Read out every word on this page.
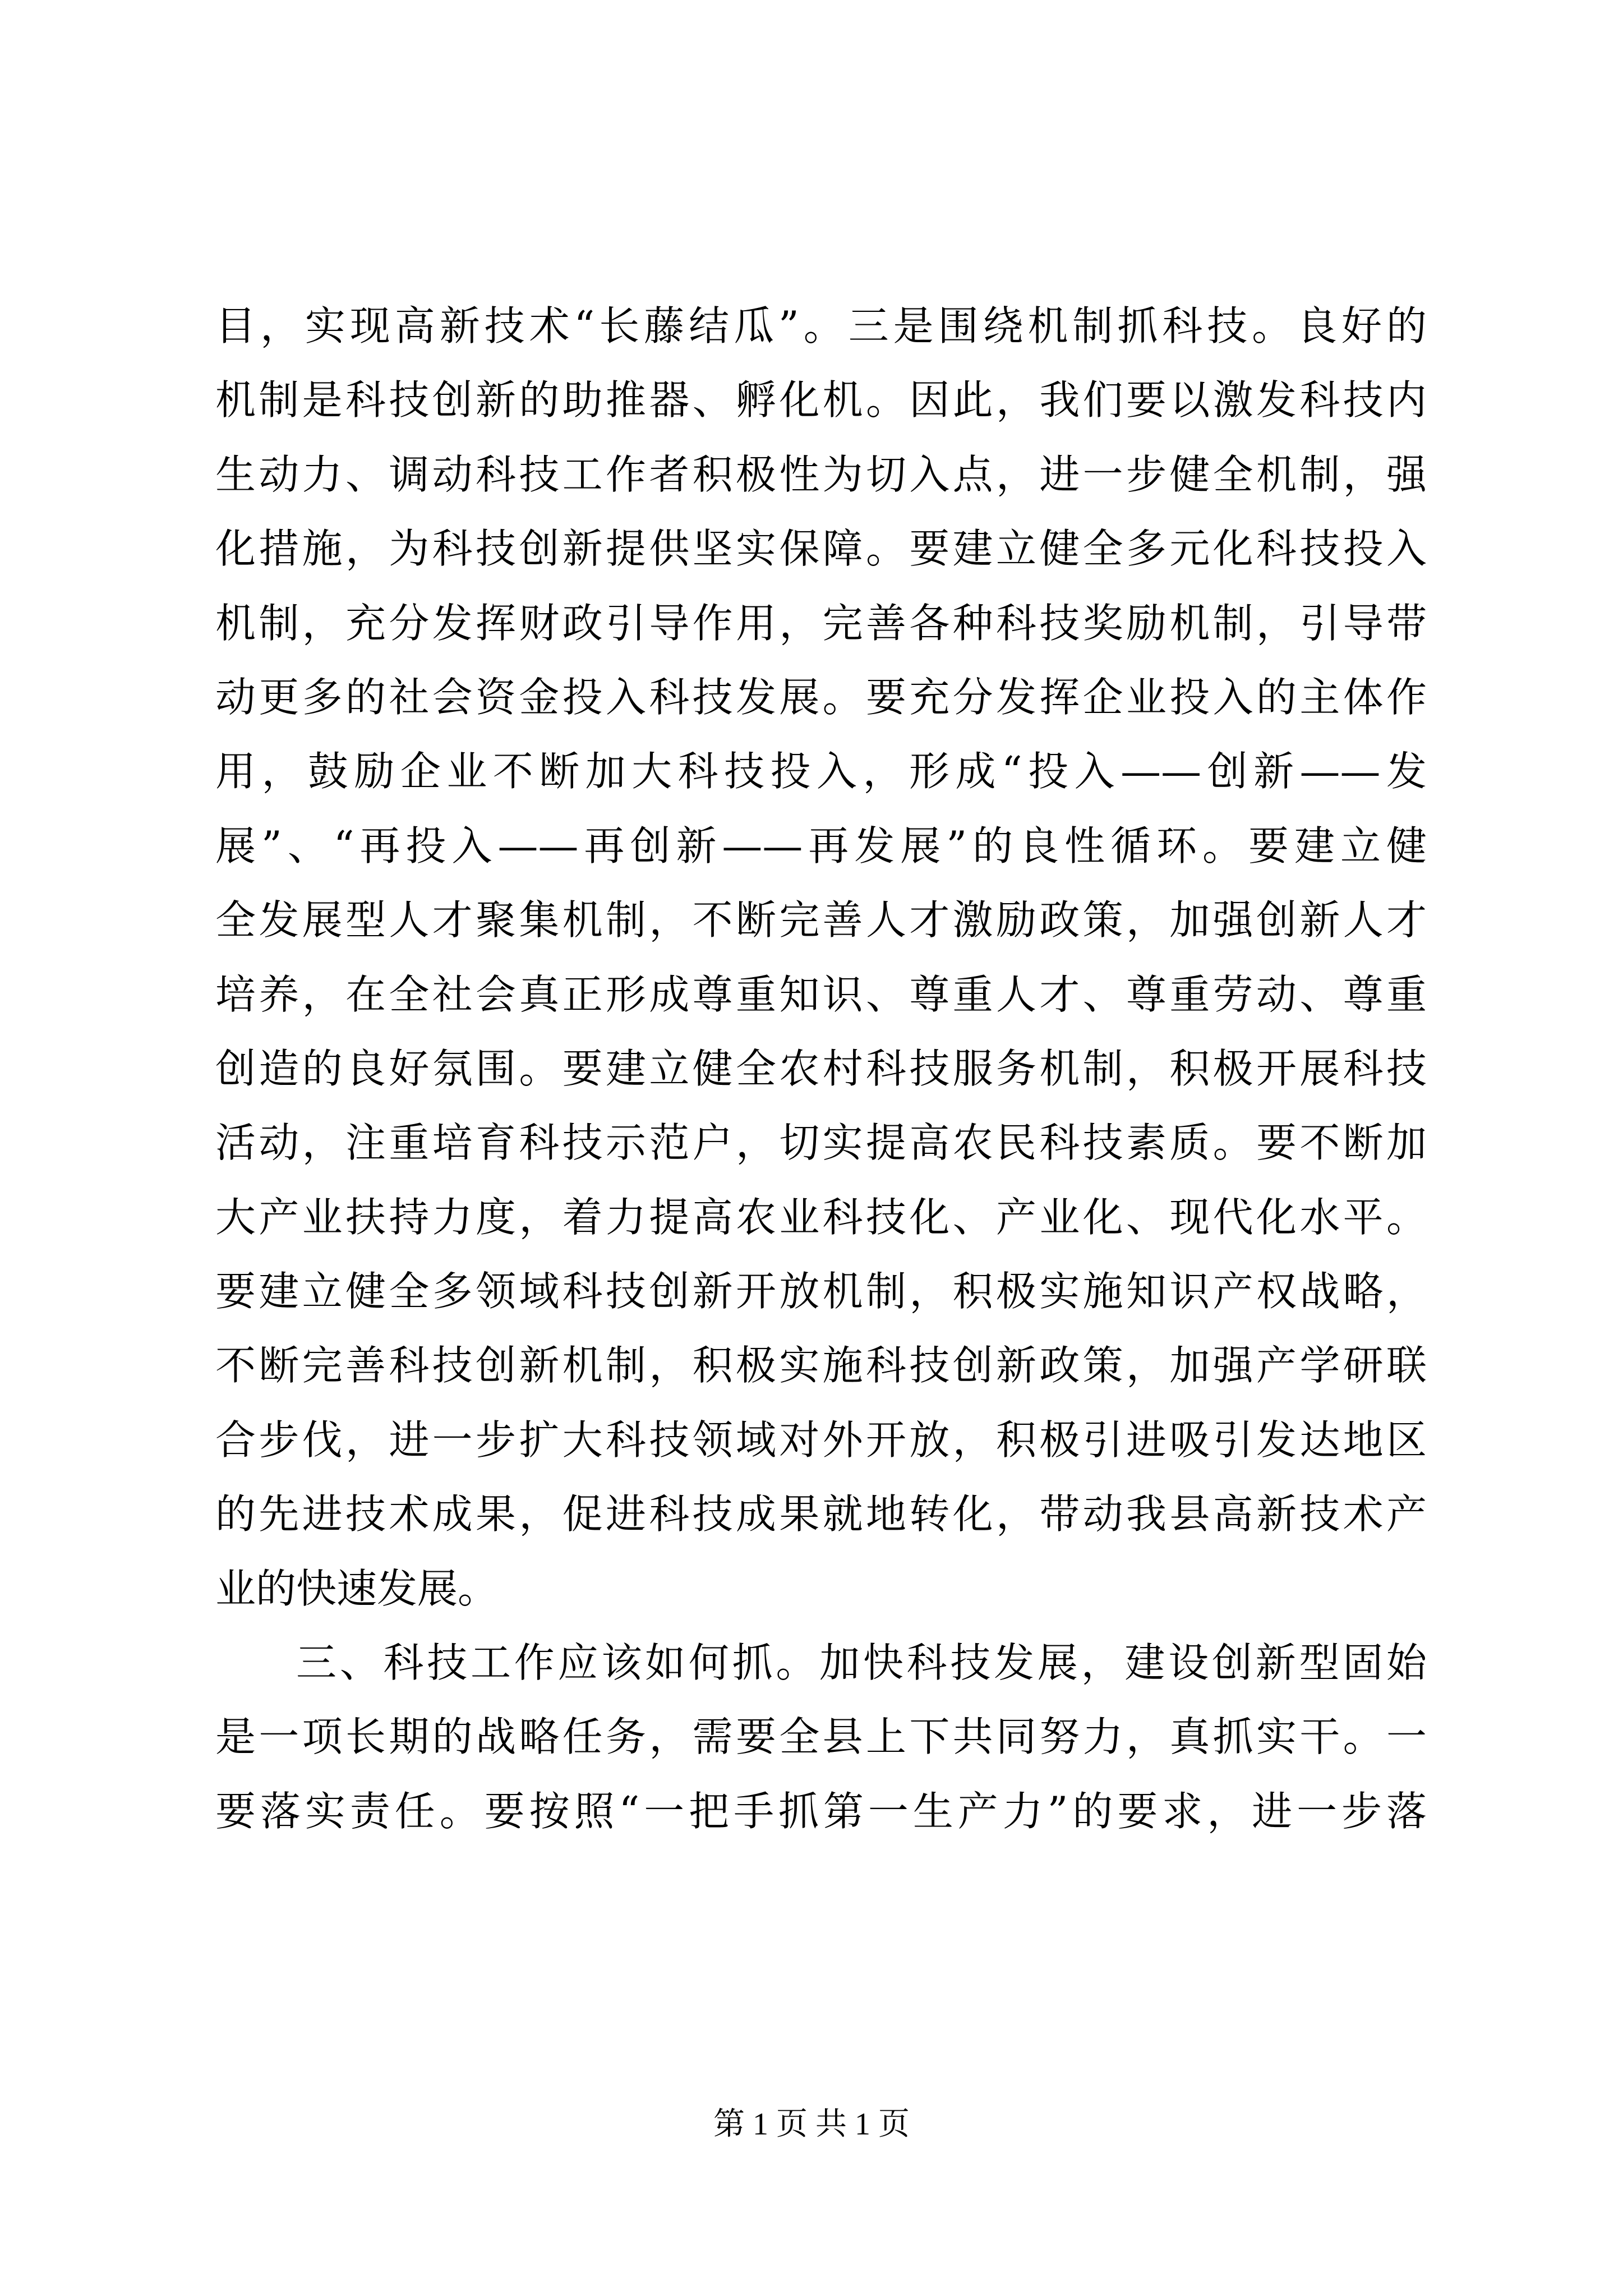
目，实现高新技术“长藤结瓜”。三是围绕机制抓科技。良好的
机制是科技创新的助推器、孵化机。因此，我们要以激发科技内
生动力、调动科技工作者积极性为切入点，进一步健全机制，强
化措施，为科技创新提供坚实保障。要建立健全多元化科技投入
机制，充分发挥财政引导作用，完善各种科技奖励机制，引导带
动更多的社会资金投入科技发展。要充分发挥企业投入的主体作
用，鼓励企业不断加大科技投入，形成“投入——创新——发
展”、“再投入——再创新——再发展”的良性循环。要建立健
全发展型人才聚集机制，不断完善人才激励政策，加强创新人才
培养，在全社会真正形成尊重知识、尊重人才、尊重劳动、尊重
创造的良好氛围。要建立健全农村科技服务机制，积极开展科技
活动，注重培育科技示范户，切实提高农民科技素质。要不断加
大产业扶持力度，着力提高农业科技化、产业化、现代化水平。
要建立健全多领域科技创新开放机制，积极实施知识产权战略，
不断完善科技创新机制，积极实施科技创新政策，加强产学研联
合步伐，进一步扩大科技领域对外开放，积极引进吸引发达地区
的先进技术成果，促进科技成果就地转化，带动我县高新技术产
业的快速发展。
三、科技工作应该如何抓。加快科技发展，建设创新型固始
是一项长期的战略任务，需要全县上下共同努力，真抓实干。一
要落实责任。要按照“一把手抓第一生产力”的要求，进一步落
第 1 页 共 1 页
